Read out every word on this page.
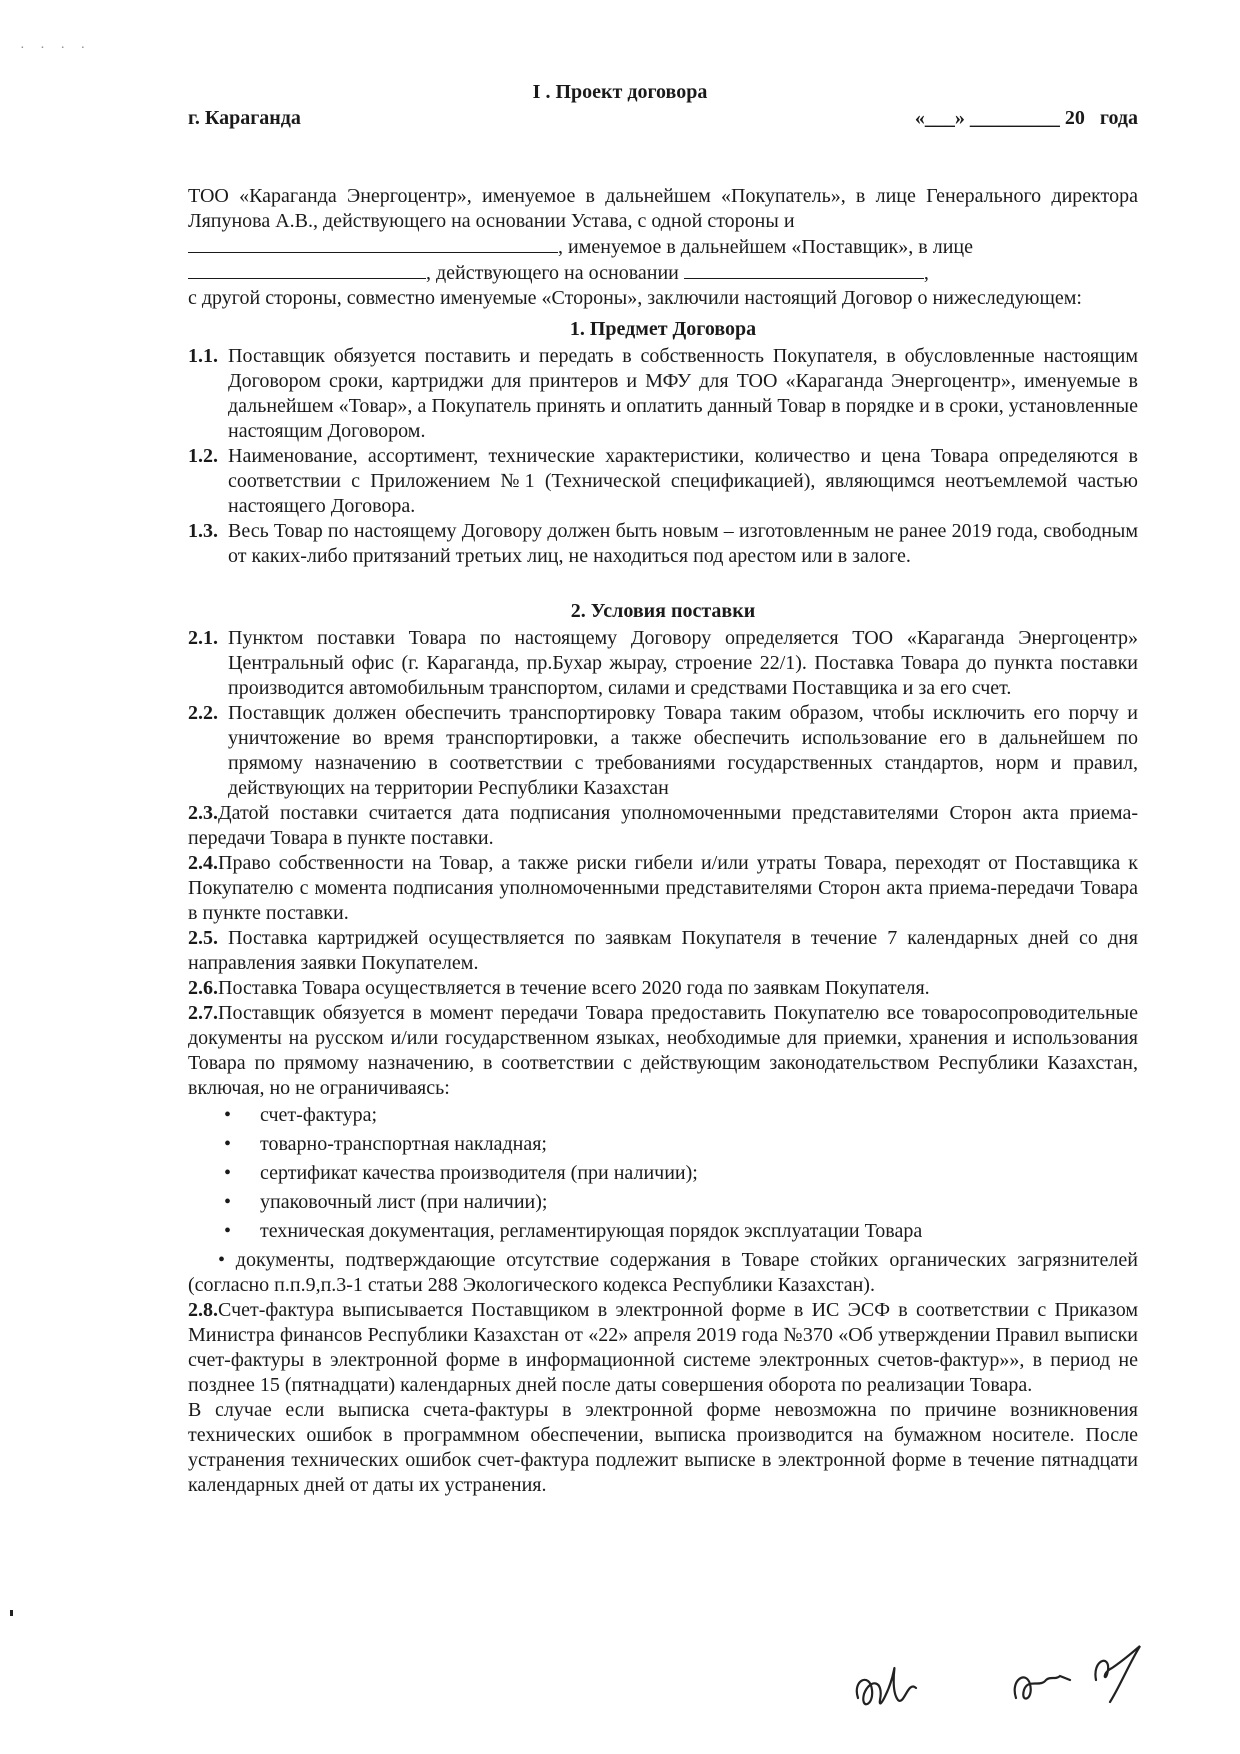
· · · ·
I . Проект договора
г. Караганда	«___» _________ 20   года

ТОО «Караганда Энергоцентр», именуемое в дальнейшем «Покупатель», в лице Генерального директора Ляпунова А.В., действующего на основании Устава, с одной стороны и
, именуемое в дальнейшем «Поставщик», в лице
, действующего на основании	,
с другой стороны, совместно именуемые «Стороны», заключили настоящий Договор о нижеследующем:

1. Предмет Договора

1.1. Поставщик обязуется поставить и передать в собственность Покупателя, в обусловленные настоящим Договором сроки, картриджи для принтеров и МФУ для ТОО «Караганда Энергоцентр», именуемые в дальнейшем «Товар», а Покупатель принять и оплатить данный Товар в порядке и в сроки, установленные настоящим Договором.

1.2. Наименование, ассортимент, технические характеристики, количество и цена Товара определяются в соответствии с Приложением №1 (Технической спецификацией), являющимся неотъемлемой частью настоящего Договора.

1.3. Весь Товар по настоящему Договору должен быть новым – изготовленным не ранее 2019 года, свободным от каких-либо притязаний третьих лиц, не находиться под арестом или в залоге.

2. Условия поставки

2.1. Пунктом поставки Товара по настоящему Договору определяется ТОО «Караганда Энергоцентр» Центральный офис (г. Караганда, пр.Бухар жырау, строение 22/1). Поставка Товара до пункта поставки производится автомобильным транспортом, силами и средствами Поставщика и за его счет.

2.2. Поставщик должен обеспечить транспортировку Товара таким образом, чтобы исключить его порчу и уничтожение во время транспортировки, а также обеспечить использование его в дальнейшем по прямому назначению в соответствии с требованиями государственных стандартов, норм и правил, действующих на территории Республики Казахстан

2.3.Датой поставки считается дата подписания уполномоченными представителями Сторон акта приема-передачи Товара в пункте поставки.

2.4.Право собственности на Товар, а также риски гибели и/или утраты Товара, переходят от Поставщика к Покупателю с момента подписания уполномоченными представителями Сторон акта приема-передачи Товара в пункте поставки.

2.5. Поставка картриджей осуществляется по заявкам Покупателя в течение 7 календарных дней со дня направления заявки Покупателем.

2.6.Поставка Товара осуществляется в течение всего 2020 года по заявкам Покупателя.

2.7.Поставщик обязуется в момент передачи Товара предоставить Покупателю все товаросопроводительные документы на русском и/или государственном языках, необходимые для приемки, хранения и использования Товара по прямому назначению, в соответствии с действующим законодательством Республики Казахстан, включая, но не ограничиваясь:

• счет-фактура;
• товарно-транспортная накладная;
• сертификат качества производителя (при наличии);
• упаковочный лист (при наличии);
• техническая документация, регламентирующая порядок эксплуатации Товара

• документы, подтверждающие отсутствие содержания в Товаре стойких органических загрязнителей (согласно п.п.9,п.3-1 статьи 288 Экологического кодекса Республики Казахстан).

2.8.Счет-фактура выписывается Поставщиком в электронной форме в ИС ЭСФ в соответствии с Приказом Министра финансов Республики Казахстан от «22» апреля 2019 года №370 «Об утверждении Правил выписки счет-фактуры в электронной форме в информационной системе электронных счетов-фактур»», в период не позднее 15 (пятнадцати) календарных дней после даты совершения оборота по реализации Товара.

В случае если выписка счета-фактуры в электронной форме невозможна по причине возникновения технических ошибок в программном обеспечении, выписка производится на бумажном носителе. После устранения технических ошибок счет-фактура подлежит выписке в электронной форме в течение пятнадцати календарных дней от даты их устранения.
